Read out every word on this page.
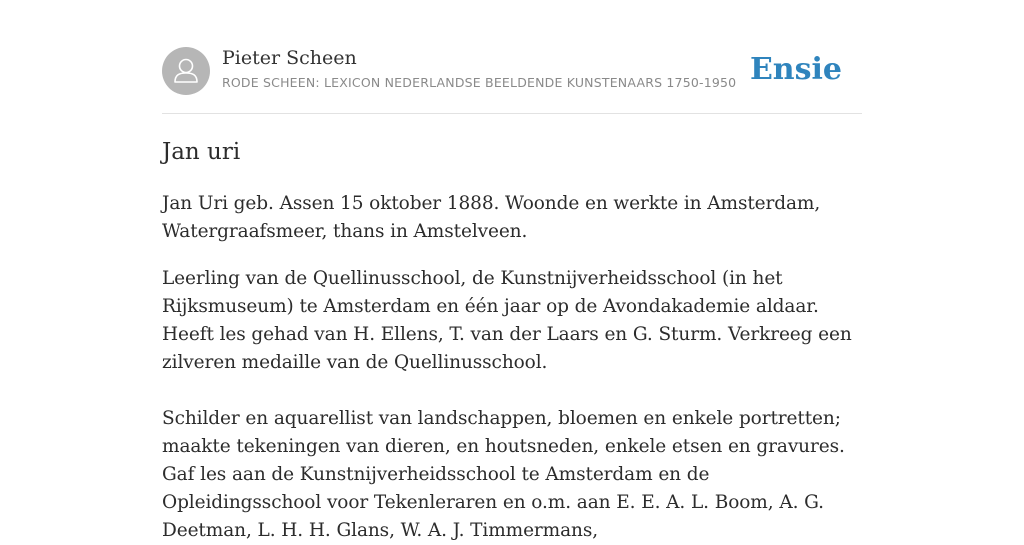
Pieter Scheen
RODE SCHEEN: LEXICON NEDERLANDSE BEELDENDE KUNSTENAARS 1750-1950 Ensie
Jan uri

Jan Uri geb. Assen 15 oktober 1888. Woonde en werkte in Amsterdam, Watergraafsmeer, thans in Amstelveen.

Leerling van de Quellinusschool, de Kunstnijverheidsschool (in het Rijksmuseum) te Amsterdam en één jaar op de Avondakademie aldaar. Heeft les gehad van H. Ellens, T. van der Laars en G. Sturm. Verkreeg een zilveren medaille van de Quellinusschool.

Schilder en aquarellist van landschappen, bloemen en enkele portretten; maakte tekeningen van dieren, en houtsneden, enkele etsen en gravures. Gaf les aan de Kunstnijverheidsschool te Amsterdam en de Opleidingsschool voor Tekenleraren en o.m. aan E. E. A. L. Boom, A. G. Deetman, L. H. H. Glans, W. A. J. Timmermans,
